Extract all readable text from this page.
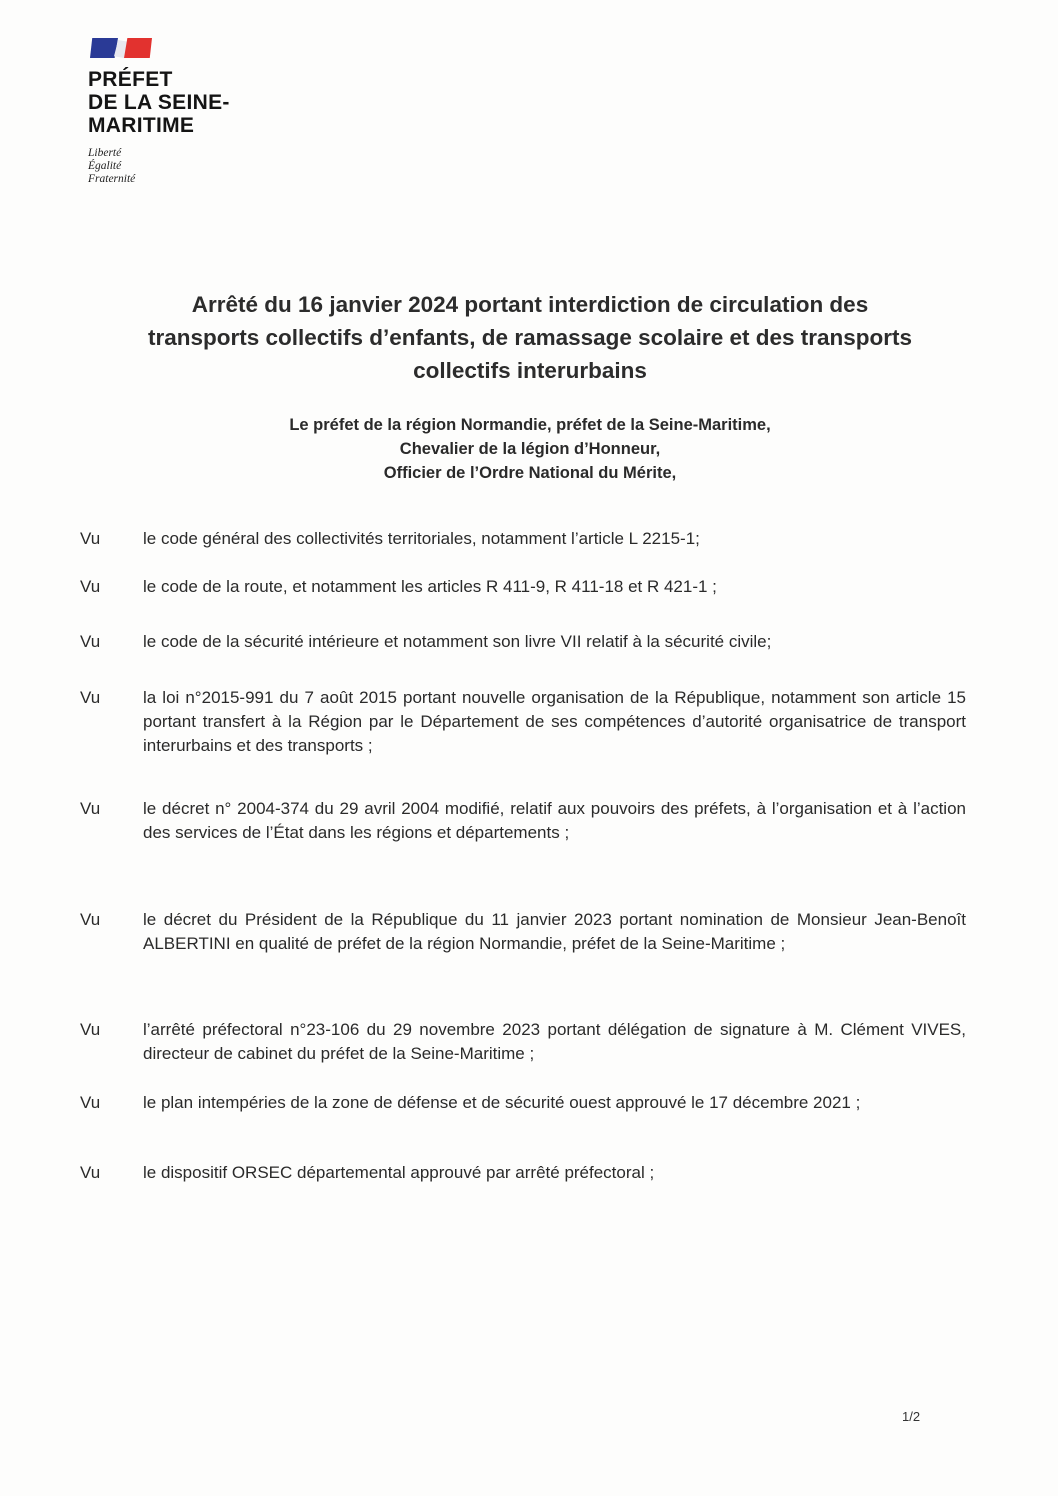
PRÉFET
DE LA SEINE-
MARITIME
Liberté
Égalité
Fraternité
Arrêté du 16 janvier 2024 portant interdiction de circulation des
transports collectifs d’enfants, de ramassage scolaire et des transports
collectifs interurbains
Le préfet de la région Normandie, préfet de la Seine-Maritime,
Chevalier de la légion d’Honneur,
Officier de l’Ordre National du Mérite,
Vu	le code général des collectivités territoriales, notamment l’article L 2215-1;
Vu	le code de la route, et notamment les articles R 411-9, R 411-18 et R 421-1 ;
Vu	le code de la sécurité intérieure et notamment son livre VII relatif à la sécurité civile;
Vu	la loi n°2015-991 du 7 août 2015 portant nouvelle organisation de la République, notamment son article 15 portant transfert à la Région par le Département de ses compétences d’autorité organisatrice de transport interurbains et des transports ;
Vu	le décret n° 2004-374 du 29 avril 2004 modifié, relatif aux pouvoirs des préfets, à l’organisation et à l’action des services de l’État dans les régions et départements ;
Vu	le décret du Président de la République du 11 janvier 2023 portant nomination de Monsieur Jean-Benoît ALBERTINI en qualité de préfet de la région Normandie, préfet de la Seine-Maritime ;
Vu	l’arrêté préfectoral n°23-106 du 29 novembre 2023 portant délégation de signature à M. Clément VIVES, directeur de cabinet du préfet de la Seine-Maritime ;
Vu	le plan intempéries de la zone de défense et de sécurité ouest approuvé le 17 décembre 2021 ;
Vu	le dispositif ORSEC départemental approuvé par arrêté préfectoral ;
1/2
